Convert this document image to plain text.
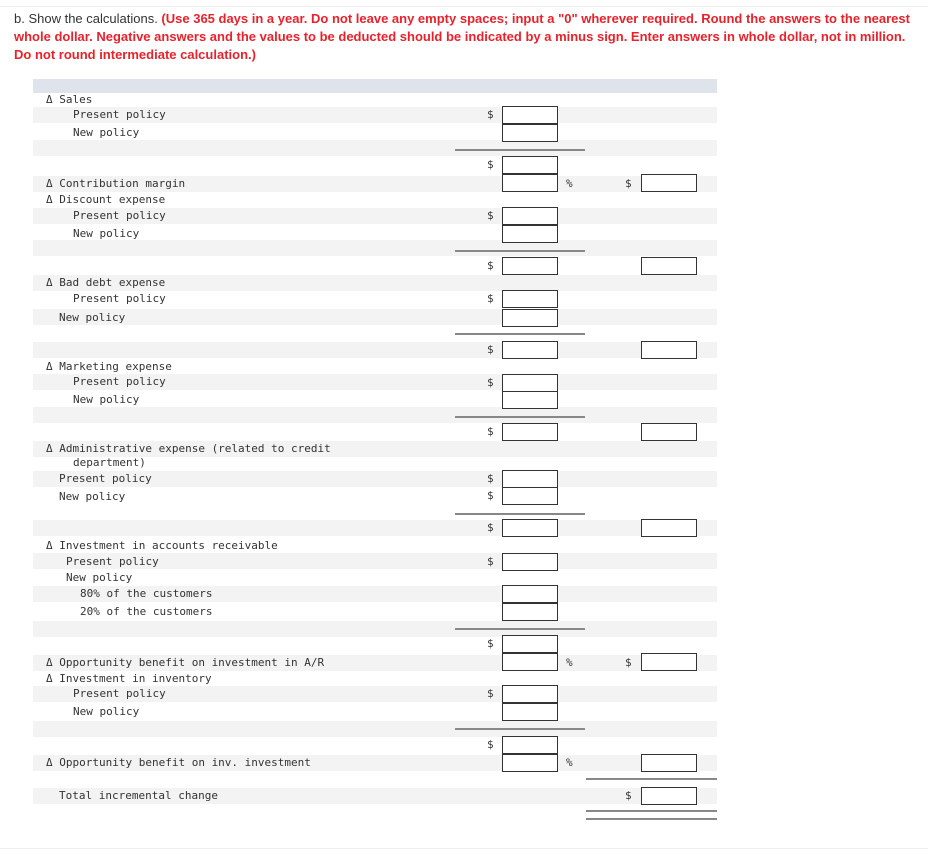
b. Show the calculations. (Use 365 days in a year. Do not leave any empty spaces; input a "0" wherever required. Round the answers to the nearest whole dollar. Negative answers and the values to be deducted should be indicated by a minus sign. Enter answers in whole dollar, not in million. Do not round intermediate calculation.)
Δ Sales
Present policy
New policy
Δ Contribution margin
Δ Discount expense
Present policy
New policy
Δ Bad debt expense
Present policy
New policy
Δ Marketing expense
Present policy
New policy
Δ Administrative expense (related to credit
department)
Present policy
New policy
Δ Investment in accounts receivable
Present policy
New policy
80% of the customers
20% of the customers
Δ Opportunity benefit on investment in A/R
Δ Investment in inventory
Present policy
New policy
Δ Opportunity benefit on inv. investment
Total incremental change
$
$
$
$
$
$
$
$
$
$
$
$
$
$
$
$
$
$
%
%
%
